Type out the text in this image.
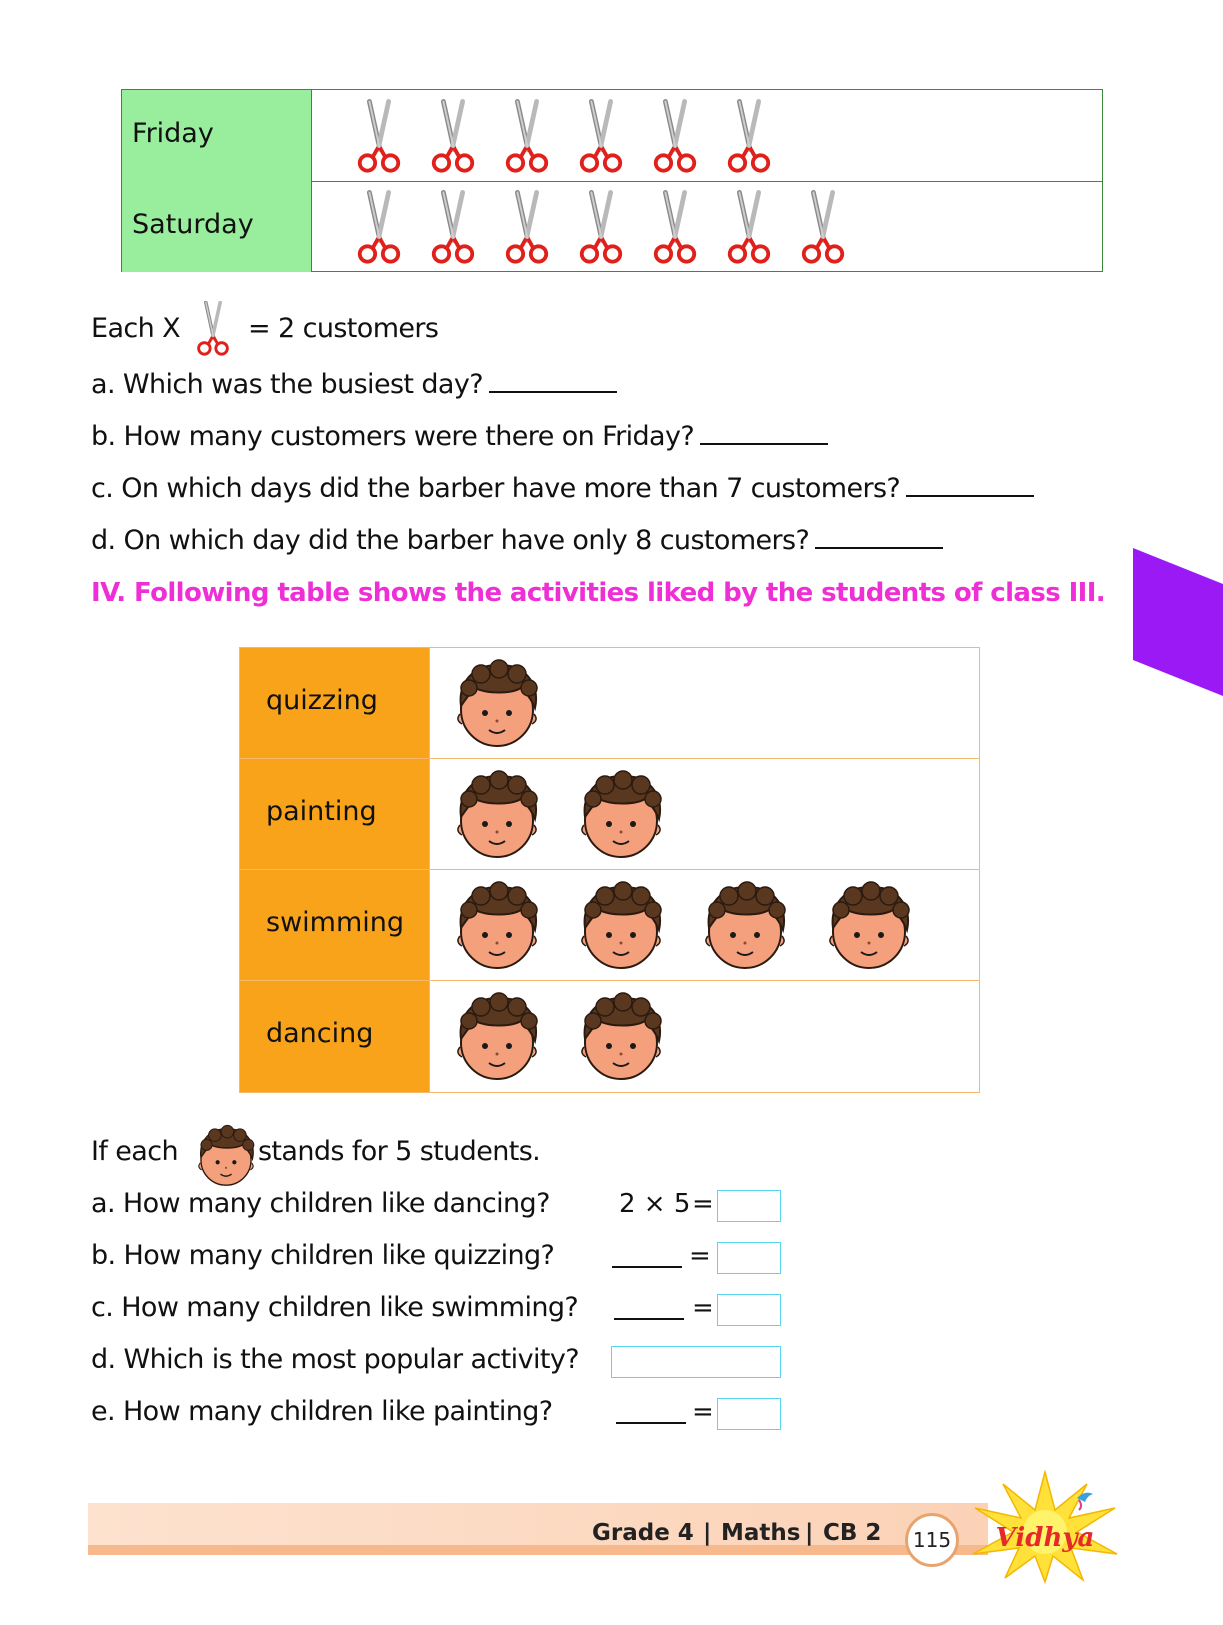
Friday
Saturday
Each X	= 2 customers
a. Which was the busiest day?
b. How many customers were there on Friday?
c. On which days did the barber have more than 7 customers?
d. On which day did the barber have only 8 customers?
IV. Following table shows the activities liked by the students of class III.
quizzing
painting
swimming
dancing
If each	stands for 5 students.
a. How many children like dancing?	2 × 5 =
b. How many children like quizzing?	=
c. How many children like swimming?	=
d. Which is the most popular activity?
e. How many children like painting?	=
Grade 4 | Maths | CB 2	115	Vidhya
